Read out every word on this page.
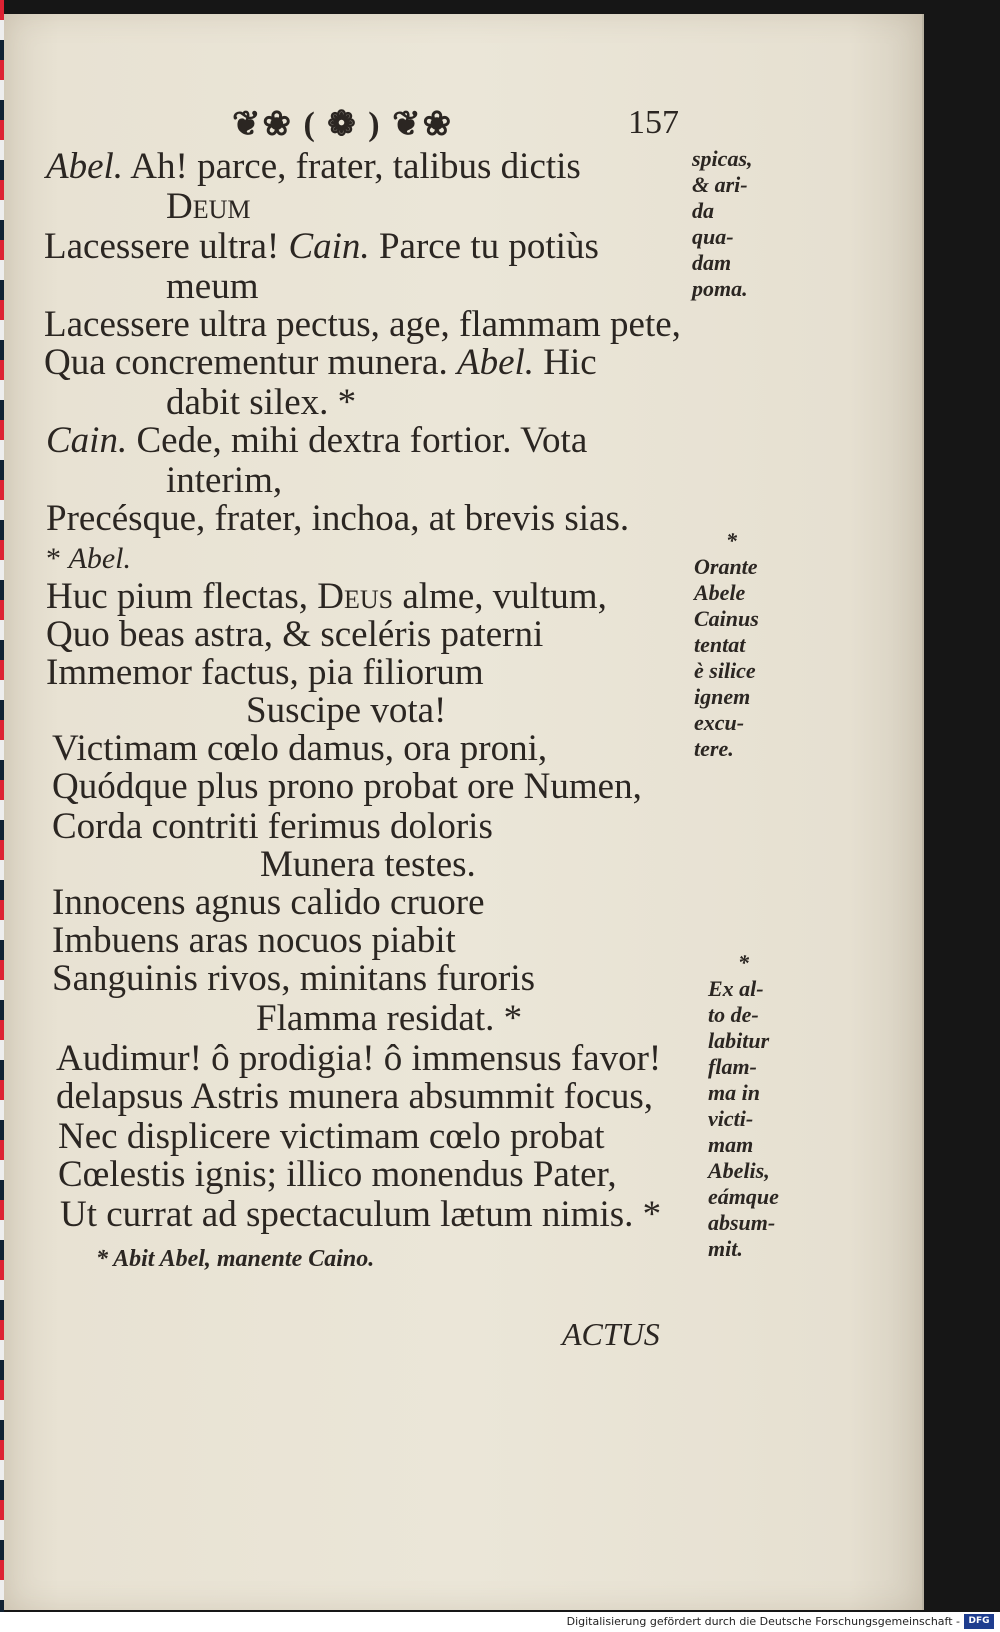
❦❀ ( ❁ ) ❦❀	157
Abel. Ah! parce, frater, talibus dictis
Deum
Lacessere ultra! Cain. Parce tu potiùs
meum
Lacessere ultra pectus, age, flammam pete,
Qua concrementur munera. Abel. Hic
dabit silex. *
Cain. Cede, mihi dextra fortior. Vota
interim,
Precésque, frater, inchoa, at brevis sias.
* Abel.
Huc pium flectas, Deus alme, vultum,
Quo beas astra, & sceléris paterni
Immemor factus, pia filiorum
Suscipe vota!
Victimam cœlo damus, ora proni,
Quódque plus prono probat ore Numen,
Corda contriti ferimus doloris
Munera testes.
Innocens agnus calido cruore
Imbuens aras nocuos piabit
Sanguinis rivos, minitans furoris
Flamma residat. *
Audimur! ô prodigia! ô immensus favor!
delapsus Astris munera absummit focus,
Nec displicere victimam cœlo probat
Cœlestis ignis; illico monendus Pater,
Ut currat ad spectaculum lætum nimis. *
* Abit Abel, manente Caino.
ACTUS
spicas,
& ari-
da
qua-
dam
poma.
*
Orante
Abele
Cainus
tentat
è silice
ignem
excu-
tere.
*
Ex al-
to de-
labitur
flam-
ma in
victi-
mam
Abelis,
eámque
absum-
mit.
Digitalisierung gefördert durch die Deutsche Forschungsgemeinschaft - DFG
